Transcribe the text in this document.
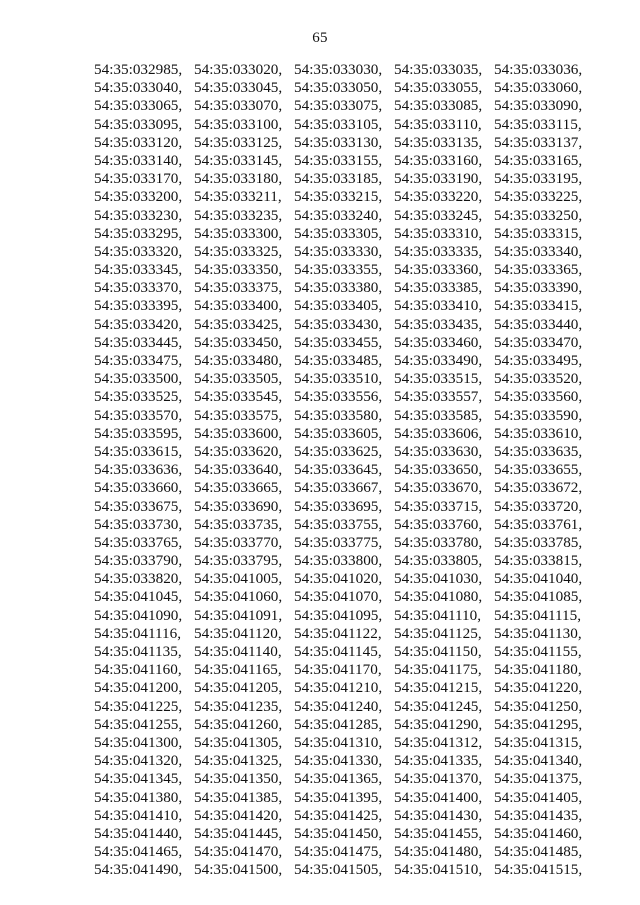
65
54:35:032985, 54:35:033020, 54:35:033030, 54:35:033035, 54:35:033036,
54:35:033040, 54:35:033045, 54:35:033050, 54:35:033055, 54:35:033060,
54:35:033065, 54:35:033070, 54:35:033075, 54:35:033085, 54:35:033090,
54:35:033095, 54:35:033100, 54:35:033105, 54:35:033110, 54:35:033115,
54:35:033120, 54:35:033125, 54:35:033130, 54:35:033135, 54:35:033137,
54:35:033140, 54:35:033145, 54:35:033155, 54:35:033160, 54:35:033165,
54:35:033170, 54:35:033180, 54:35:033185, 54:35:033190, 54:35:033195,
54:35:033200, 54:35:033211, 54:35:033215, 54:35:033220, 54:35:033225,
54:35:033230, 54:35:033235, 54:35:033240, 54:35:033245, 54:35:033250,
54:35:033295, 54:35:033300, 54:35:033305, 54:35:033310, 54:35:033315,
54:35:033320, 54:35:033325, 54:35:033330, 54:35:033335, 54:35:033340,
54:35:033345, 54:35:033350, 54:35:033355, 54:35:033360, 54:35:033365,
54:35:033370, 54:35:033375, 54:35:033380, 54:35:033385, 54:35:033390,
54:35:033395, 54:35:033400, 54:35:033405, 54:35:033410, 54:35:033415,
54:35:033420, 54:35:033425, 54:35:033430, 54:35:033435, 54:35:033440,
54:35:033445, 54:35:033450, 54:35:033455, 54:35:033460, 54:35:033470,
54:35:033475, 54:35:033480, 54:35:033485, 54:35:033490, 54:35:033495,
54:35:033500, 54:35:033505, 54:35:033510, 54:35:033515, 54:35:033520,
54:35:033525, 54:35:033545, 54:35:033556, 54:35:033557, 54:35:033560,
54:35:033570, 54:35:033575, 54:35:033580, 54:35:033585, 54:35:033590,
54:35:033595, 54:35:033600, 54:35:033605, 54:35:033606, 54:35:033610,
54:35:033615, 54:35:033620, 54:35:033625, 54:35:033630, 54:35:033635,
54:35:033636, 54:35:033640, 54:35:033645, 54:35:033650, 54:35:033655,
54:35:033660, 54:35:033665, 54:35:033667, 54:35:033670, 54:35:033672,
54:35:033675, 54:35:033690, 54:35:033695, 54:35:033715, 54:35:033720,
54:35:033730, 54:35:033735, 54:35:033755, 54:35:033760, 54:35:033761,
54:35:033765, 54:35:033770, 54:35:033775, 54:35:033780, 54:35:033785,
54:35:033790, 54:35:033795, 54:35:033800, 54:35:033805, 54:35:033815,
54:35:033820, 54:35:041005, 54:35:041020, 54:35:041030, 54:35:041040,
54:35:041045, 54:35:041060, 54:35:041070, 54:35:041080, 54:35:041085,
54:35:041090, 54:35:041091, 54:35:041095, 54:35:041110, 54:35:041115,
54:35:041116, 54:35:041120, 54:35:041122, 54:35:041125, 54:35:041130,
54:35:041135, 54:35:041140, 54:35:041145, 54:35:041150, 54:35:041155,
54:35:041160, 54:35:041165, 54:35:041170, 54:35:041175, 54:35:041180,
54:35:041200, 54:35:041205, 54:35:041210, 54:35:041215, 54:35:041220,
54:35:041225, 54:35:041235, 54:35:041240, 54:35:041245, 54:35:041250,
54:35:041255, 54:35:041260, 54:35:041285, 54:35:041290, 54:35:041295,
54:35:041300, 54:35:041305, 54:35:041310, 54:35:041312, 54:35:041315,
54:35:041320, 54:35:041325, 54:35:041330, 54:35:041335, 54:35:041340,
54:35:041345, 54:35:041350, 54:35:041365, 54:35:041370, 54:35:041375,
54:35:041380, 54:35:041385, 54:35:041395, 54:35:041400, 54:35:041405,
54:35:041410, 54:35:041420, 54:35:041425, 54:35:041430, 54:35:041435,
54:35:041440, 54:35:041445, 54:35:041450, 54:35:041455, 54:35:041460,
54:35:041465, 54:35:041470, 54:35:041475, 54:35:041480, 54:35:041485,
54:35:041490, 54:35:041500, 54:35:041505, 54:35:041510, 54:35:041515,
